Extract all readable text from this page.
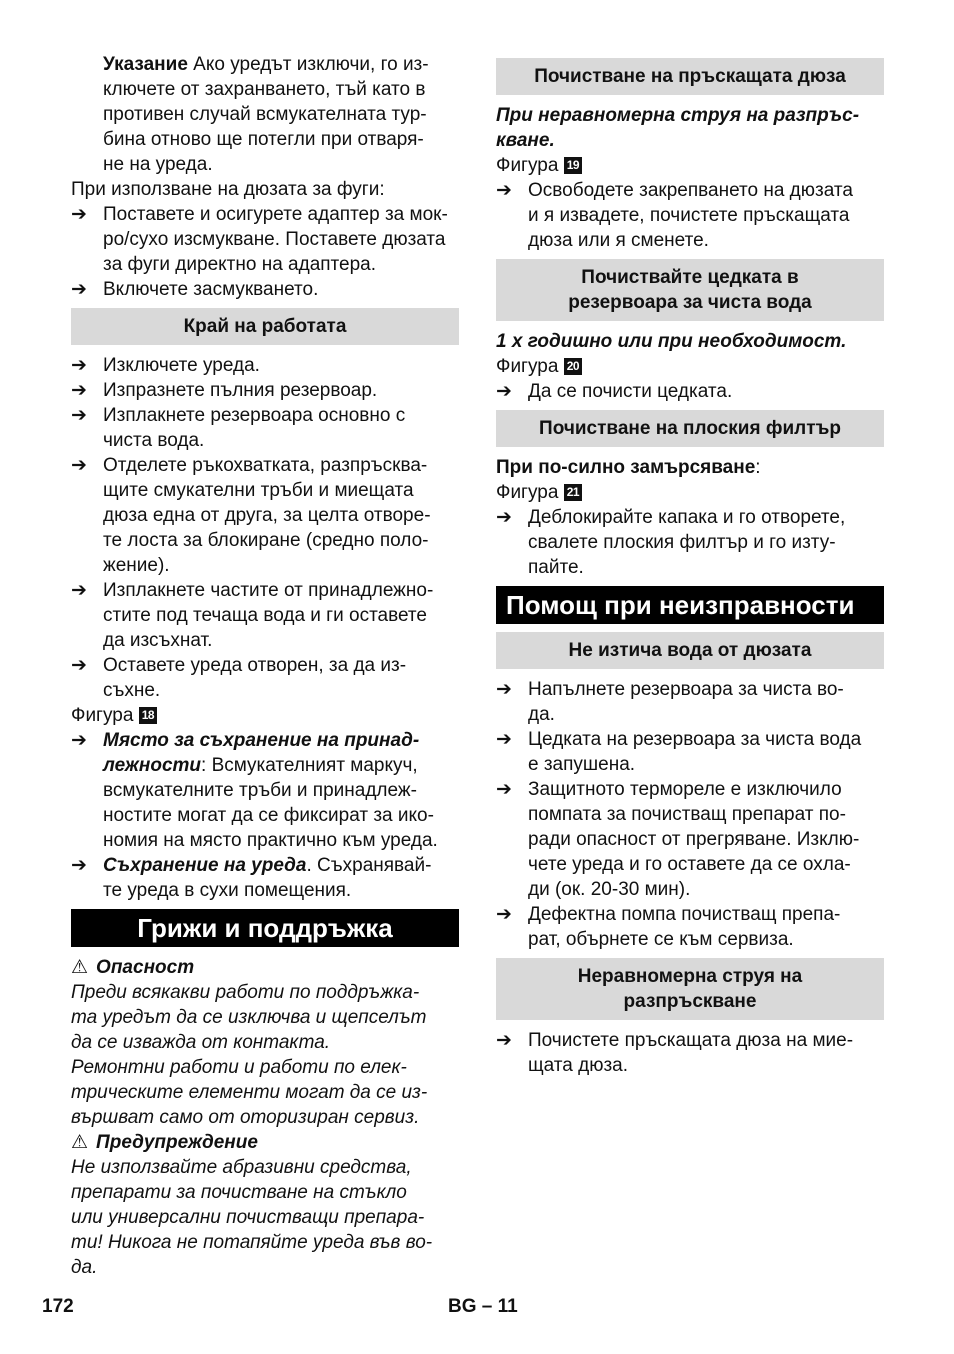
Указание Ако уредът изключи, го из-
ключете от захранването, тъй като в
противен случай всмукателната тур-
бина отново ще потегли при отваря-
не на уреда.

При използване на дюзата за фуги:

➔ Поставете и осигурете адаптер за мок-
ро/сухо изсмукване. Поставете дюзата
за фуги директно на адаптера.
➔ Включете засмукването.
Край на работата
➔ Изключете уреда.
➔ Изпразнете пълния резервоар.
➔ Изплакнете резервоара основно с
чиста вода.
➔ Отделете ръкохватката, разпръсква-
щите смукателни тръби и миещата
дюза една от друга, за целта отворе-
те лоста за блокиране (средно поло-
жение).
➔ Изплакнете частите от принадлежно-
стите под течаща вода и ги оставете
да изсъхнат.
➔ Оставете уреда отворен, за да из-
съхне.

Фигура 18

➔ Място за съхранение на принад-
лежности: Всмукателният маркуч,
всмукателните тръби и принадлеж-
ностите могат да се фиксират за ико-
номия на място практично към уреда.
➔ Съхранение на уреда. Съхранявай-
те уреда в сухи помещения.
Грижи и поддръжка

⚠ Опасност

Преди всякакви работи по поддръжка-
та уредът да се изключва и щепселът
да се изважда от контакта.
Ремонтни работи и работи по елек-
трическите елементи могат да се из-
вършват само от оторизиран сервиз.

⚠ Предупреждение

Не използвайте абразивни средства,
препарати за почистване на стъкло
или универсални почистващи препара-
ти! Никога не потапяйте уреда във во-
да.

Почистване на пръскащата дюза

При неравномерна струя на разпръс-
кване.

Фигура 19

➔ Освободете закрепването на дюзата
и я извадете, почистете пръскащата
дюза или я сменете.
Почиствайте цедката в
резервоара за чиста вода

1 х годишно или при необходимост.

Фигура 20

➔ Да се почисти цедката.
Почистване на плоския филтър

При по-силно замърсяване:

Фигура 21

➔ Деблокирайте капака и го отворете,
свалете плоския филтър и го изту-
пайте.
Помощ при неизправности
Не изтича вода от дюзата
➔ Напълнете резервоара за чиста во-
да.
➔ Цедката на резервоара за чиста вода
е запушена.
➔ Защитното термореле е изключило
помпата за почистващ препарат по-
ради опасност от прегряване. Изклю-
чете уреда и го оставете да се охла-
ди (ок. 20-30 мин).
➔ Дефектна помпа почистващ препа-
рат, обърнете се към сервиза.
Неравномерна струя на
разпръскване
➔ Почистете пръскащата дюза на мие-
щата дюза.
172	BG – 11
